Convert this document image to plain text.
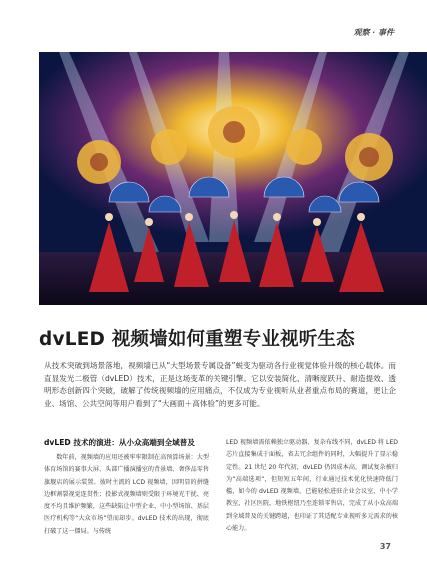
观察 · 事件
dvLED 视频墙如何重塑专业视听生态

从技术突破到场景落地，视频墙已从“大型场景专属设备”蜕变为驱动各行业视觉体验升级的核心载体。而直显发光二极管（dvLED）技术，正是这场变革的关键引擎。它以安装简化、清晰度跃升、耐造提效、透明形态创新四个突破，破解了传统视频墙的应用痛点，不仅成为专业视听从业者重点布局的赛道，更让企业、场馆、公共空间等用户看到了“大画面＋高体验”的更多可能。

dvLED 技术的演进：从小众高端到全域普及

数年前，视频墙的应用还被牢牢限制在高预算场景：大型体育场馆的赛事大屏、头部广播演播室的背景墙、奢侈品零售旗舰店的展示装置。彼时主流的 LCD 视频墙，因明显的拼缝边框割裂视觉连贯性；投影式视频墙则受限于环境光干扰、亮度不均且维护频繁，这些缺陷让中型企业、中小型场馆、基层医疗机构等“大众市场”望而却步。dvLED 技术的出现，彻底打破了这一僵局。与传统

LED 视频墙需依赖独立驱动器、复杂布线不同，dvLED 将 LED 芯片直接集成于面板，省去冗余组件的同时，大幅提升了显示稳定性。21 世纪 20 年代初，dvLED 仍因成本高，调试复杂被归为“高端选项”，但短短五年间，行业通过技术优化快速降低门槛，如今的 dvLED 视频墙、已能轻松进驻企业会议室、中小学教室、社区医院、地铁枢纽乃至连锁零售店，完成了从小众高端到全域普及的关键跨越，也印证了其适配专业视听多元需求的核心能力。

37
